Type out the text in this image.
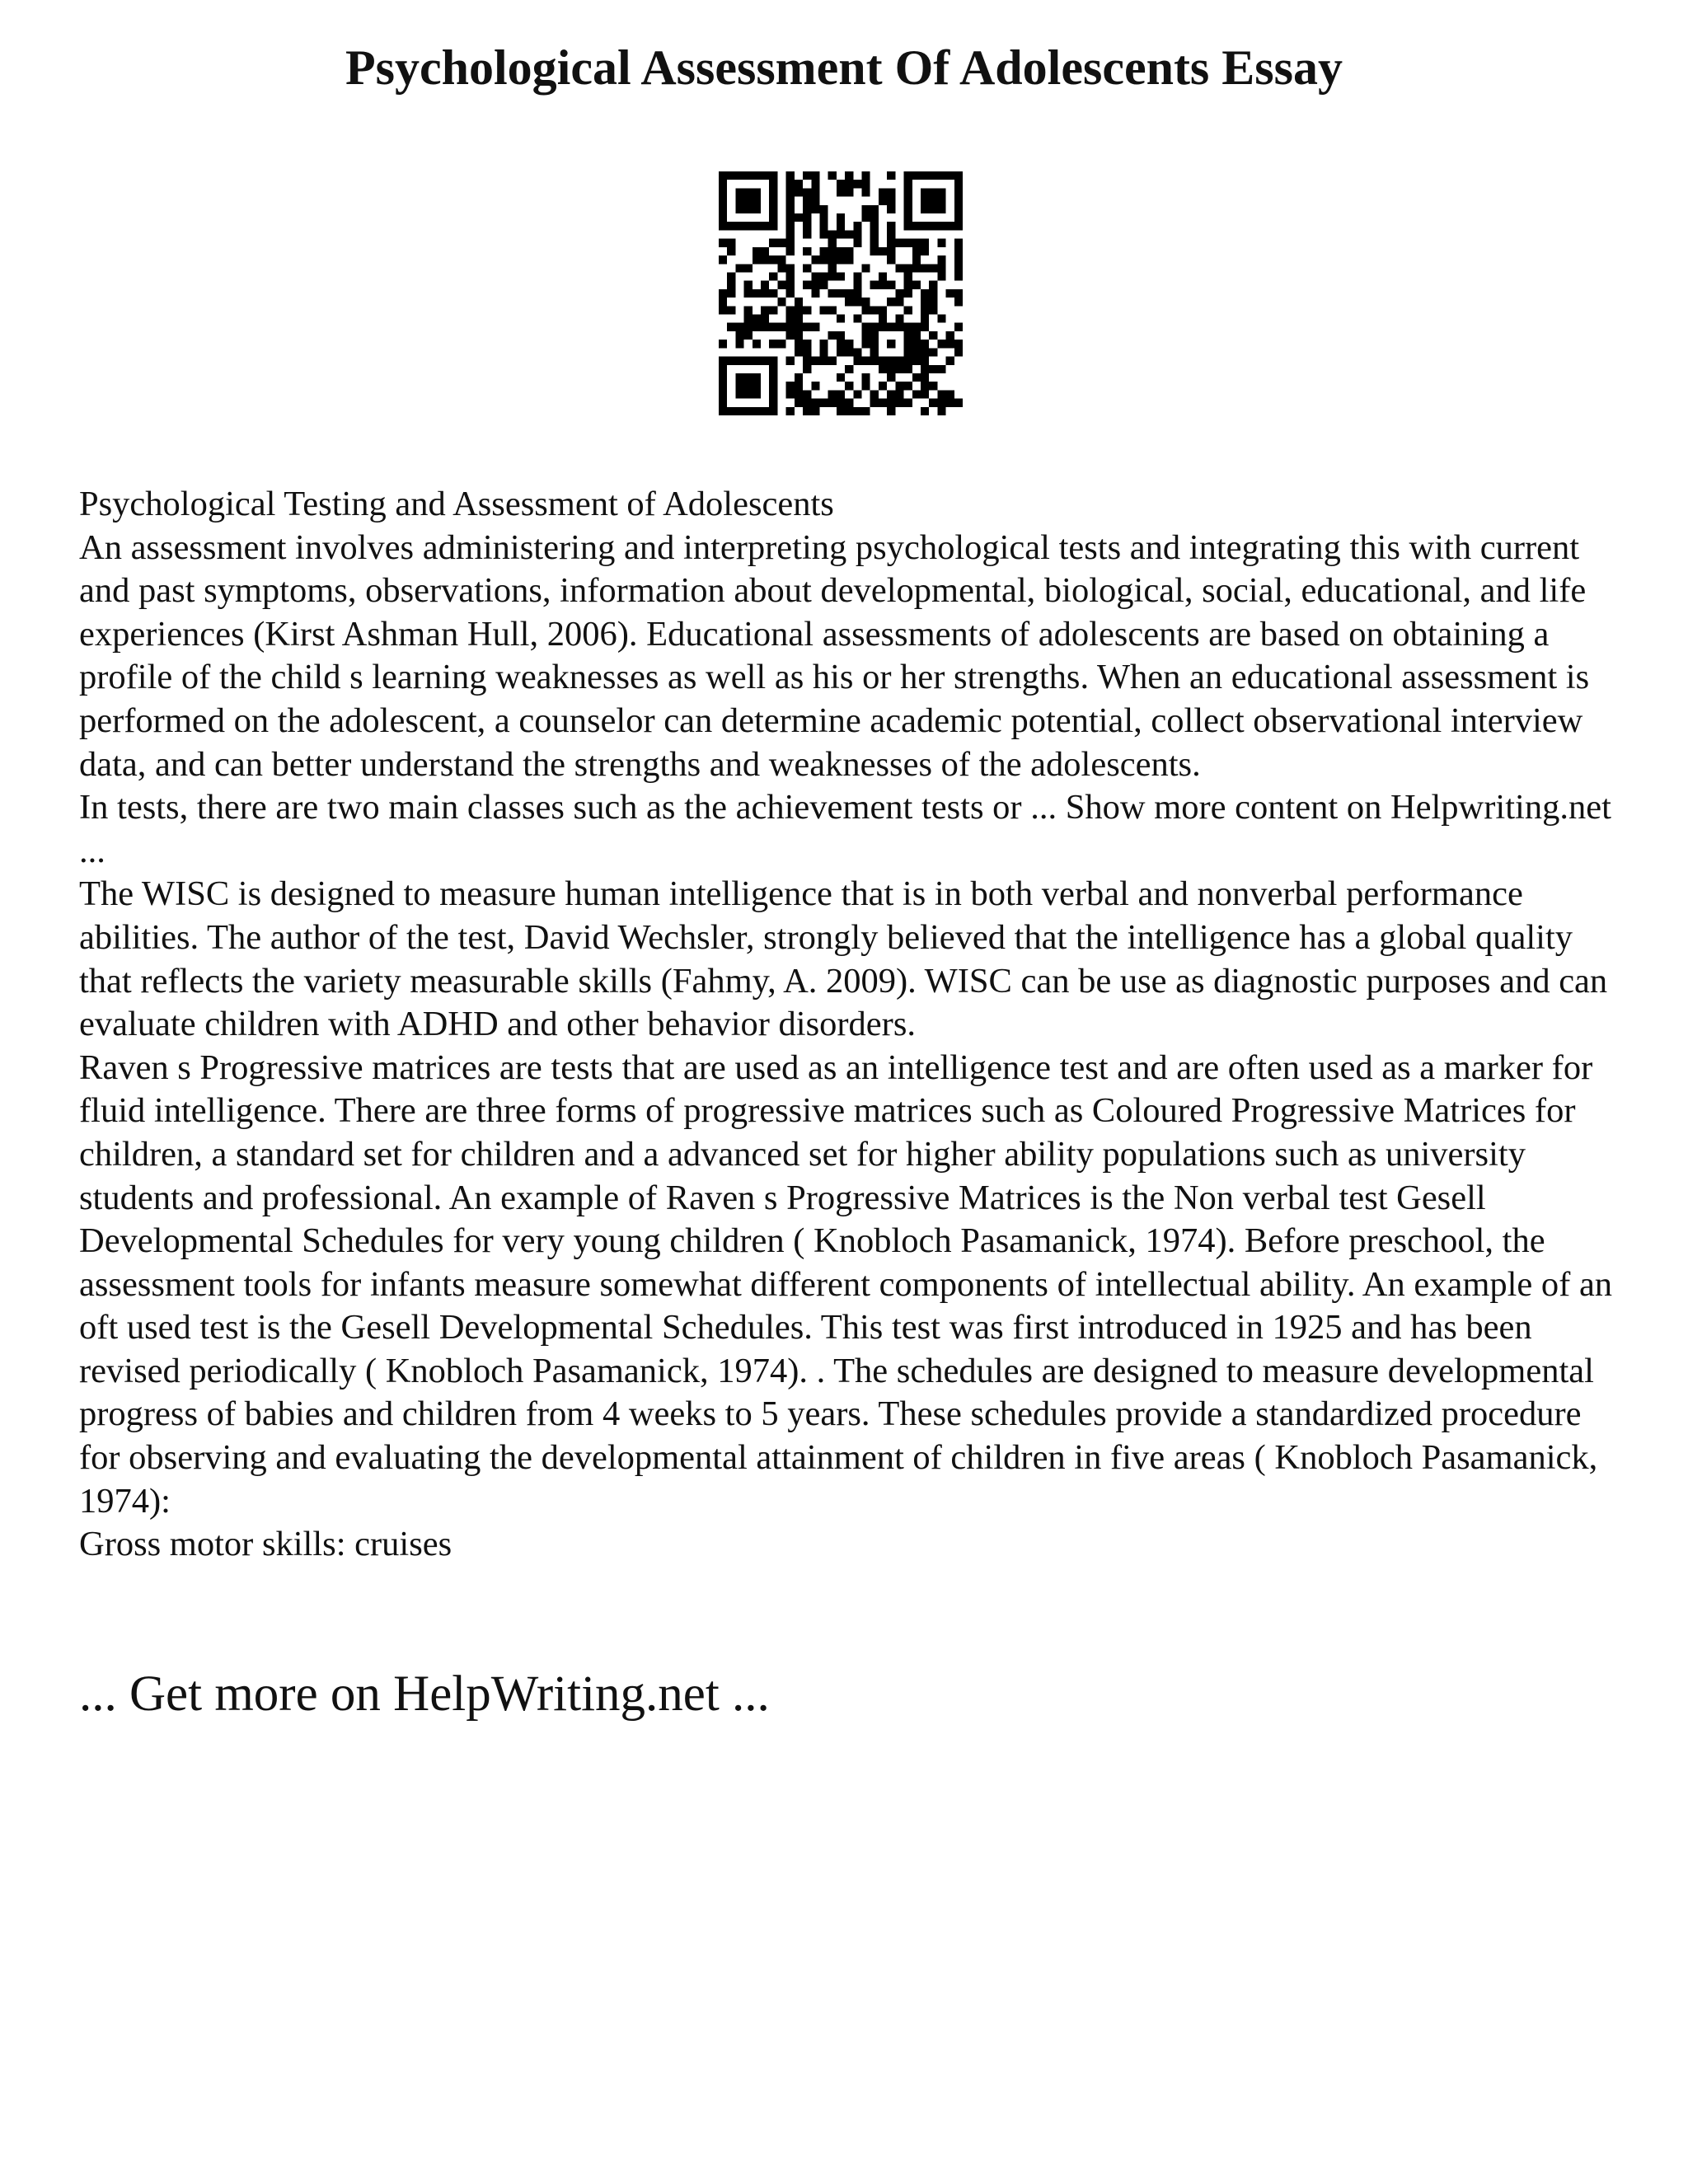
Psychological Assessment Of Adolescents Essay

Psychological Testing and Assessment of Adolescents

An assessment involves administering and interpreting psychological tests and integrating this with current and past symptoms, observations, information about developmental, biological, social, educational, and life experiences (Kirst Ashman Hull, 2006). Educational assessments of adolescents are based on obtaining a profile of the child s learning weaknesses as well as his or her strengths. When an educational assessment is performed on the adolescent, a counselor can determine academic potential, collect observational interview data, and can better understand the strengths and weaknesses of the adolescents.

In tests, there are two main classes such as the achievement tests or ... Show more content on Helpwriting.net ...

The WISC is designed to measure human intelligence that is in both verbal and nonverbal performance abilities. The author of the test, David Wechsler, strongly believed that the intelligence has a global quality that reflects the variety measurable skills (Fahmy, A. 2009). WISC can be use as diagnostic purposes and can evaluate children with ADHD and other behavior disorders.

Raven s Progressive matrices are tests that are used as an intelligence test and are often used as a marker for fluid intelligence. There are three forms of progressive matrices such as Coloured Progressive Matrices for children, a standard set for children and a advanced set for higher ability populations such as university students and professional. An example of Raven s Progressive Matrices is the Non verbal test Gesell Developmental Schedules for very young children ( Knobloch Pasamanick, 1974). Before preschool, the assessment tools for infants measure somewhat different components of intellectual ability. An example of an oft used test is the Gesell Developmental Schedules. This test was first introduced in 1925 and has been revised periodically ( Knobloch Pasamanick, 1974). . The schedules are designed to measure developmental progress of babies and children from 4 weeks to 5 years. These schedules provide a standardized procedure for observing and evaluating the developmental attainment of children in five areas ( Knobloch Pasamanick, 1974):

Gross motor skills: cruises

... Get more on HelpWriting.net ...
